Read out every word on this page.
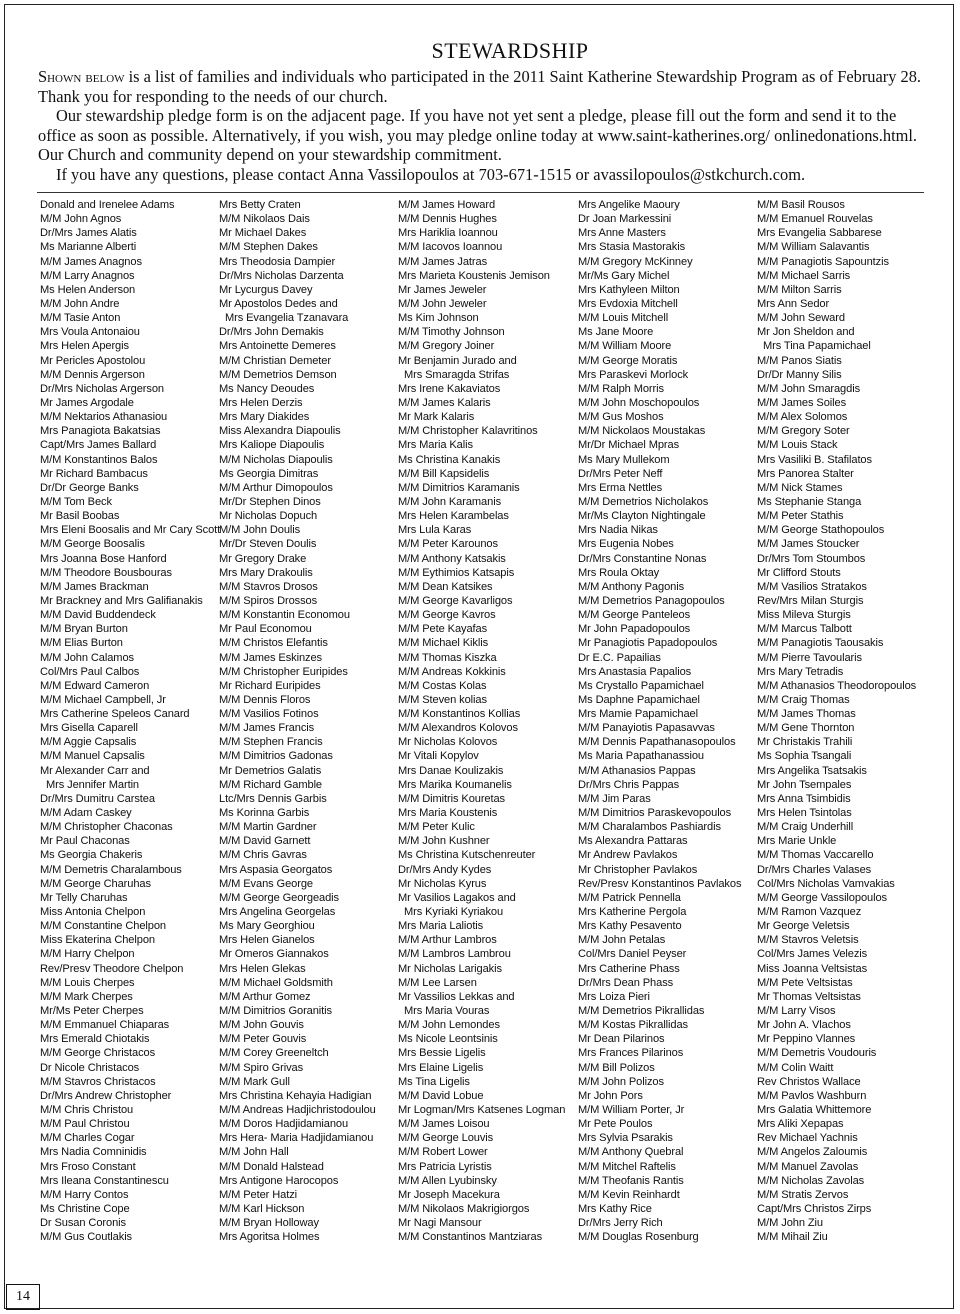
STEWARDSHIP

Shown below is a list of families and individuals who participated in the 2011 Saint Katherine Stewardship Program as of February 28. Thank you for responding to the needs of our church.

Our stewardship pledge form is on the adjacent page. If you have not yet sent a pledge, please fill out the form and send it to the office as soon as possible. Alternatively, if you wish, you may pledge online today at www.saint-katherines.org/ onlinedonations.html. Our Church and community depend on your stewardship commitment.

If you have any questions, please contact Anna Vassilopoulos at 703-671-1515 or avassilopoulos@stkchurch.com.

Donald and Irenelee Adams
M/M John Agnos
Dr/Mrs James Alatis
Ms Marianne Alberti
M/M James Anagnos
M/M Larry Anagnos
Ms Helen Anderson
M/M John Andre
M/M Tasie Anton
Mrs Voula Antonaiou
Mrs Helen Apergis
Mr Pericles Apostolou
M/M Dennis Argerson
Dr/Mrs Nicholas Argerson
Mr James Argodale
M/M Nektarios Athanasiou
Mrs Panagiota Bakatsias
Capt/Mrs James Ballard
M/M Konstantinos Balos
Mr Richard Bambacus
Dr/Dr George Banks
M/M Tom Beck
Mr Basil Boobas
Mrs Eleni Boosalis and Mr Cary Scott
M/M George Boosalis
Mrs Joanna Bose Hanford
M/M Theodore Bousbouras
M/M James Brackman
Mr Brackney and Mrs Galifianakis
M/M David Buddendeck
M/M Bryan Burton
M/M Elias Burton
M/M John Calamos
Col/Mrs Paul Calbos
M/M Edward Cameron
M/M Michael Campbell, Jr
Mrs Catherine Speleos Canard
Mrs Gisella Caparell
M/M Aggie Capsalis
M/M Manuel Capsalis
Mr Alexander Carr and
Mrs Jennifer Martin
Dr/Mrs Dumitru Carstea
M/M Adam Caskey
M/M Christopher Chaconas
Mr Paul Chaconas
Ms Georgia Chakeris
M/M Demetris Charalambous
M/M George Charuhas
Mr Telly Charuhas
Miss Antonia Chelpon
M/M Constantine Chelpon
Miss Ekaterina Chelpon
M/M Harry Chelpon
Rev/Presv Theodore Chelpon
M/M Louis Cherpes
M/M Mark Cherpes
Mr/Ms Peter Cherpes
M/M Emmanuel Chiaparas
Mrs Emerald Chiotakis
M/M George Christacos
Dr Nicole Christacos
M/M Stavros Christacos
Dr/Mrs Andrew Christopher
M/M Chris Christou
M/M Paul Christou
M/M Charles Cogar
Mrs Nadia Comninidis
Mrs Froso Constant
Mrs Ileana Constantinescu
M/M Harry Contos
Ms Christine Cope
Dr Susan Coronis
M/M Gus Coutlakis
Mrs Betty Craten
M/M Nikolaos Dais
Mr Michael Dakes
M/M Stephen Dakes
Mrs Theodosia Dampier
Dr/Mrs Nicholas Darzenta
Mr Lycurgus Davey
Mr Apostolos Dedes and
Mrs Evangelia Tzanavara
Dr/Mrs John Demakis
Mrs Antoinette Demeres
M/M Christian Demeter
M/M Demetrios Demson
Ms Nancy Deoudes
Mrs Helen Derzis
Mrs Mary Diakides
Miss Alexandra Diapoulis
Mrs Kaliope Diapoulis
M/M Nicholas Diapoulis
Ms Georgia Dimitras
M/M Arthur Dimopoulos
Mr/Dr Stephen Dinos
Mr Nicholas Dopuch
M/M John Doulis
Mr/Dr Steven Doulis
Mr Gregory Drake
Mrs Mary Drakoulis
M/M Stavros Drosos
M/M Spiros Drossos
M/M Konstantin Economou
Mr Paul Economou
M/M Christos Elefantis
M/M James Eskinzes
M/M Christopher Euripides
Mr Richard Euripides
M/M Dennis Floros
M/M Vasilios Fotinos
M/M James Francis
M/M Stephen Francis
M/M Dimitrios Gadonas
Mr Demetrios Galatis
M/M Richard Gamble
Ltc/Mrs Dennis Garbis
Ms Korinna Garbis
M/M Martin Gardner
M/M David Garnett
M/M Chris Gavras
Mrs Aspasia Georgatos
M/M Evans George
M/M George Georgeadis
Mrs Angelina Georgelas
Ms Mary Georghiou
Mrs Helen Gianelos
Mr Omeros Giannakos
Mrs Helen Glekas
M/M Michael Goldsmith
M/M Arthur Gomez
M/M Dimitrios Goranitis
M/M John Gouvis
M/M Peter Gouvis
M/M Corey Greeneltch
M/M Spiro Grivas
M/M Mark Gull
Mrs Christina Kehayia Hadigian
M/M Andreas Hadjichristodoulou
M/M Doros Hadjidamianou
Mrs Hera- Maria Hadjidamianou
M/M John Hall
M/M Donald Halstead
Mrs Antigone Harocopos
M/M Peter Hatzi
M/M Karl Hickson
M/M Bryan Holloway
Mrs Agoritsa Holmes
M/M James Howard
M/M Dennis Hughes
Mrs Hariklia Ioannou
M/M Iacovos Ioannou
M/M James Jatras
Mrs Marieta Koustenis Jemison
Mr James Jeweler
M/M John Jeweler
Ms Kim Johnson
M/M Timothy Johnson
M/M Gregory Joiner
Mr Benjamin Jurado and
Mrs Smaragda Strifas
Mrs Irene Kakaviatos
M/M James Kalaris
Mr Mark Kalaris
M/M Christopher Kalavritinos
Mrs Maria Kalis
Ms Christina Kanakis
M/M Bill Kapsidelis
M/M Dimitrios Karamanis
M/M John Karamanis
Mrs Helen Karambelas
Mrs Lula Karas
M/M Peter Karounos
M/M Anthony Katsakis
M/M Eythimios Katsapis
M/M Dean Katsikes
M/M George Kavarligos
M/M George Kavros
M/M Pete Kayafas
M/M Michael Kiklis
M/M Thomas Kiszka
M/M Andreas Kokkinis
M/M Costas Kolas
M/M Steven kolias
M/M Konstantinos Kollias
M/M Alexandros Kolovos
Mr Nicholas Kolovos
Mr Vitali Kopylov
Mrs Danae Koulizakis
Mrs Marika Koumanelis
M/M Dimitris Kouretas
Mrs Maria Koustenis
M/M Peter Kulic
M/M John Kushner
Ms Christina Kutschenreuter
Dr/Mrs Andy Kydes
Mr Nicholas Kyrus
Mr Vasilios Lagakos and
Mrs Kyriaki Kyriakou
Mrs Maria Laliotis
M/M Arthur Lambros
M/M Lambros Lambrou
Mr Nicholas Larigakis
M/M Lee Larsen
Mr Vassilios Lekkas and
Mrs Maria Vouras
M/M John Lemondes
Ms Nicole Leontsinis
Mrs Bessie Ligelis
Mrs Elaine Ligelis
Ms Tina Ligelis
M/M David Lobue
Mr Logman/Mrs Katsenes Logman
M/M James Loisou
M/M George Louvis
M/M Robert Lower
Mrs Patricia Lyristis
M/M Allen Lyubinsky
Mr Joseph Macekura
M/M Nikolaos Makrigiorgos
Mr Nagi Mansour
M/M Constantinos Mantziaras
Mrs Angelike Maoury
Dr Joan Markessini
Mrs Anne Masters
Mrs Stasia Mastorakis
M/M Gregory McKinney
Mr/Ms Gary Michel
Mrs Kathyleen Milton
Mrs Evdoxia Mitchell
M/M Louis Mitchell
Ms Jane Moore
M/M William Moore
M/M George Moratis
Mrs Paraskevi Morlock
M/M Ralph Morris
M/M John Moschopoulos
M/M Gus Moshos
M/M Nickolaos Moustakas
Mr/Dr Michael Mpras
Ms Mary Mullekom
Dr/Mrs Peter Neff
Mrs Erma Nettles
M/M Demetrios Nicholakos
Mr/Ms Clayton Nightingale
Mrs Nadia Nikas
Mrs Eugenia Nobes
Dr/Mrs Constantine Nonas
Mrs Roula Oktay
M/M Anthony Pagonis
M/M Demetrios Panagopoulos
M/M George Panteleos
Mr John Papadopoulos
Mr Panagiotis Papadopoulos
Dr E.C. Papailias
Mrs Anastasia Papalios
Ms Crystallo Papamichael
Ms Daphne Papamichael
Mrs Mamie Papamichael
M/M Panayiotis Papasavvas
M/M Dennis Papathanasopoulos
Ms Maria Papathanassiou
M/M Athanasios Pappas
Dr/Mrs Chris Pappas
M/M Jim Paras
M/M Dimitrios Paraskevopoulos
M/M Charalambos Pashiardis
Ms Alexandra Pattaras
Mr Andrew Pavlakos
Mr Christopher Pavlakos
Rev/Presv Konstantinos Pavlakos
M/M Patrick Pennella
Mrs Katherine Pergola
Mrs Kathy Pesavento
M/M John Petalas
Col/Mrs Daniel Peyser
Mrs Catherine Phass
Dr/Mrs Dean Phass
Mrs Loiza Pieri
M/M Demetrios Pikrallidas
M/M Kostas Pikrallidas
Mr Dean Pilarinos
Mrs Frances Pilarinos
M/M Bill Polizos
M/M John Polizos
Mr John Pors
M/M William Porter, Jr
Mr Pete Poulos
Mrs Sylvia Psarakis
M/M Anthony Quebral
M/M Mitchel Raftelis
M/M Theofanis Rantis
M/M Kevin Reinhardt
Mrs Kathy Rice
Dr/Mrs Jerry Rich
M/M Douglas Rosenburg
M/M Basil Rousos
M/M Emanuel Rouvelas
Mrs Evangelia Sabbarese
M/M William Salavantis
M/M Panagiotis Sapountzis
M/M Michael Sarris
M/M Milton Sarris
Mrs Ann Sedor
M/M John Seward
Mr Jon Sheldon and
Mrs Tina Papamichael
M/M Panos Siatis
Dr/Dr Manny Silis
M/M John Smaragdis
M/M James Soiles
M/M Alex Solomos
M/M Gregory Soter
M/M Louis Stack
Mrs Vasiliki B. Stafilatos
Mrs Panorea Stalter
M/M Nick Stames
Ms Stephanie Stanga
M/M Peter Stathis
M/M George Stathopoulos
M/M James Stoucker
Dr/Mrs Tom Stoumbos
Mr Clifford Stouts
M/M Vasilios Stratakos
Rev/Mrs Milan Sturgis
Miss Mileva Sturgis
M/M Marcus Talbott
M/M Panagiotis Taousakis
M/M Pierre Tavoularis
Mrs Mary Tetradis
M/M Athanasios Theodoropoulos
M/M Craig Thomas
M/M James Thomas
M/M Gene Thornton
Mr Christakis Trahili
Ms Sophia Tsangali
Mrs Angelika Tsatsakis
Mr John Tsempales
Mrs Anna Tsimbidis
Mrs Helen Tsintolas
M/M Craig Underhill
Mrs Marie Unkle
M/M Thomas Vaccarello
Dr/Mrs Charles Valases
Col/Mrs Nicholas Vamvakias
M/M George Vassilopoulos
M/M Ramon Vazquez
Mr George Veletsis
M/M Stavros Veletsis
Col/Mrs James Velezis
Miss Joanna Veltsistas
M/M Pete Veltsistas
Mr Thomas Veltsistas
M/M Larry Visos
Mr John A. Vlachos
Mr Peppino Vlannes
M/M Demetris Voudouris
M/M Colin Waitt
Rev Christos Wallace
M/M Pavlos Washburn
Mrs Galatia Whittemore
Mrs Aliki Xepapas
Rev Michael Yachnis
M/M Angelos Zaloumis
M/M Manuel Zavolas
M/M Nicholas Zavolas
M/M Stratis Zervos
Capt/Mrs Christos Zirps
M/M John Ziu
M/M Mihail Ziu
14
